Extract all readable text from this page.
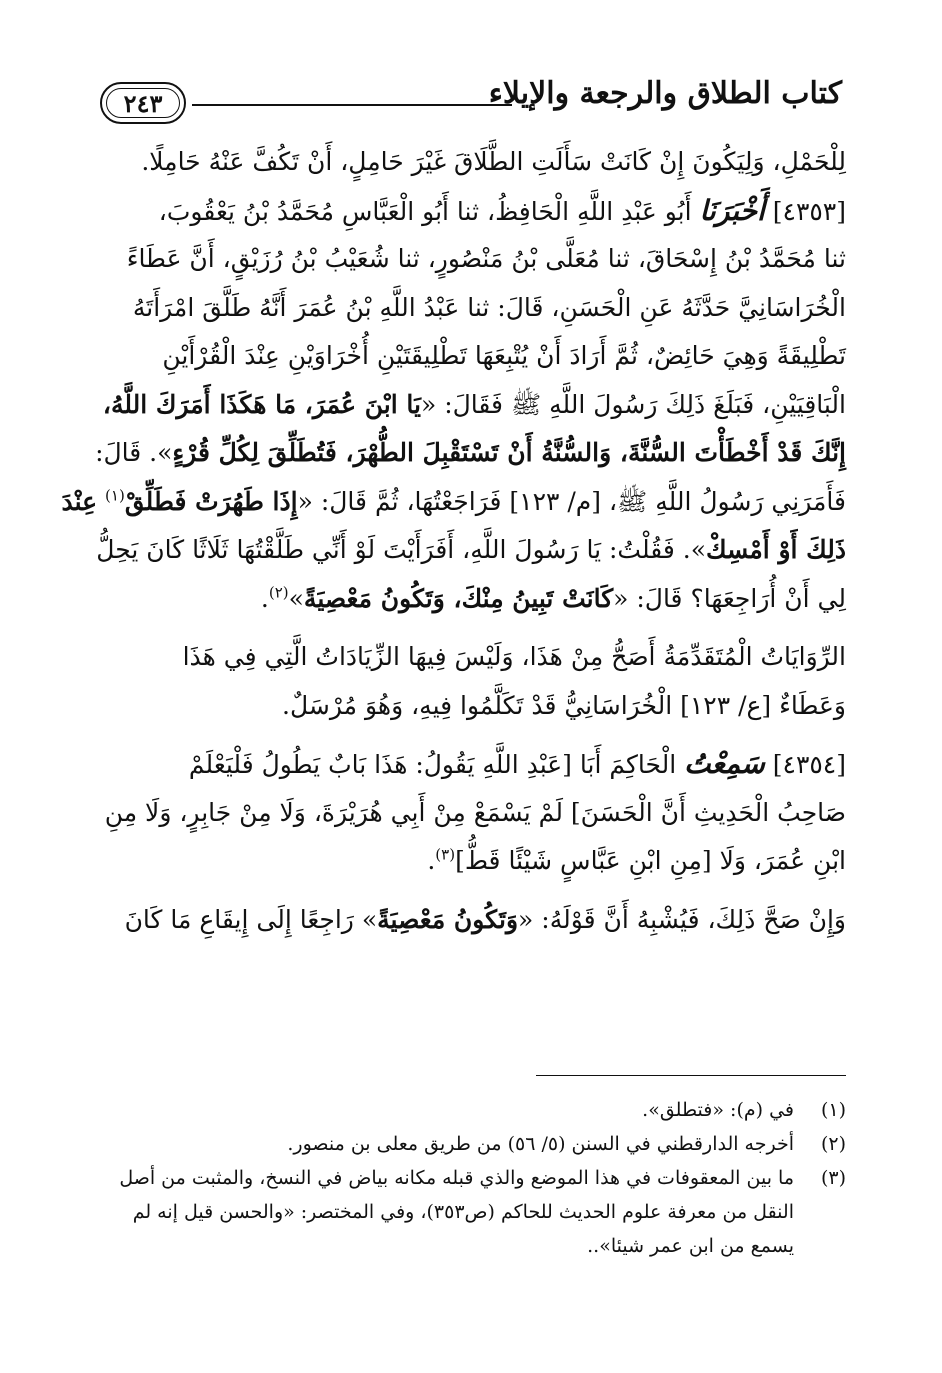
كتاب الطلاق والرجعة والإيلاء
٢٤٣
لِلْحَمْلِ، وَلِيَكُونَ إِنْ كَانَتْ سَأَلَتِ الطَّلَاقَ غَيْرَ حَامِلٍ، أَنْ تَكُفَّ عَنْهُ حَامِلًا.
[٤٣٥٣] أَخْبَرَنَا أَبُو عَبْدِ اللَّهِ الْحَافِظُ، ثنا أَبُو الْعَبَّاسِ مُحَمَّدُ بْنُ يَعْقُوبَ،
ثنا مُحَمَّدُ بْنُ إِسْحَاقَ، ثنا مُعَلَّى بْنُ مَنْصُورٍ، ثنا شُعَيْبُ بْنُ رُزَيْقٍ، أَنَّ عَطَاءً
الْخُرَاسَانِيَّ حَدَّثَهُ عَنِ الْحَسَنِ، قَالَ: ثنا عَبْدُ اللَّهِ بْنُ عُمَرَ أَنَّهُ طَلَّقَ امْرَأَتَهُ
تَطْلِيقَةً وَهِيَ حَائِضٌ، ثُمَّ أَرَادَ أَنْ يُتْبِعَهَا تَطْلِيقَتَيْنِ أُخْرَاوَيْنِ عِنْدَ الْقُرْأَيْنِ
الْبَاقِيَيْنِ، فَبَلَغَ ذَلِكَ رَسُولَ اللَّهِ ﷺ فَقَالَ: «يَا ابْنَ عُمَرَ، مَا هَكَذَا أَمَرَكَ اللَّهُ،
إِنَّكَ قَدْ أَخْطَأْتَ السُّنَّةَ، وَالسُّنَّةُ أَنْ تَسْتَقْبِلَ الطُّهْرَ، فَتُطَلِّقَ لِكُلِّ قُرْءٍ». قَالَ:
فَأَمَرَنِي رَسُولُ اللَّهِ ﷺ، [م/ ١٢٣] فَرَاجَعْتُهَا، ثُمَّ قَالَ: «إِذَا طَهُرَتْ فَطَلِّقْ$^{(١)}$ عِنْدَ
ذَلِكَ أَوْ أَمْسِكْ». فَقُلْتُ: يَا رَسُولَ اللَّهِ، أَفَرَأَيْتَ لَوْ أَنِّي طَلَّقْتُهَا ثَلَاثًا كَانَ يَحِلُّ
لِي أَنْ أُرَاجِعَهَا؟ قَالَ: «كَانَتْ تَبِينُ مِنْكَ، وَتَكُونُ مَعْصِيَةً»$^{(٢)}$.
الرِّوَايَاتُ الْمُتَقَدِّمَةُ أَصَحُّ مِنْ هَذَا، وَلَيْسَ فِيهَا الزِّيَادَاتُ الَّتِي فِي هَذَا
وَعَطَاءٌ [ع/ ١٢٣] الْخُرَاسَانِيُّ قَدْ تَكَلَّمُوا فِيهِ، وَهُوَ مُرْسَلٌ.
[٤٣٥٤] سَمِعْتُ الْحَاكِمَ أَبَا [عَبْدِ اللَّهِ يَقُولُ: هَذَا بَابٌ يَطُولُ فَلْيَعْلَمْ
صَاحِبُ الْحَدِيثِ أَنَّ الْحَسَنَ] لَمْ يَسْمَعْ مِنْ أَبِي هُرَيْرَةَ، وَلَا مِنْ جَابِرٍ، وَلَا مِنِ
ابْنِ عُمَرَ، وَلَا [مِنِ ابْنِ عَبَّاسٍ شَيْئًا قَطُّ]$^{(٣)}$.
وَإِنْ صَحَّ ذَلِكَ، فَيُشْبِهُ أَنَّ قَوْلَهُ: «وَتَكُونُ مَعْصِيَةً» رَاجِعًا إِلَى إِيقَاعِ مَا كَانَ
(١)
في (م): «فتطلق».
(٢)
أخرجه الدارقطني في السنن (٥/ ٥٦) من طريق معلى بن منصور.
(٣)
ما بين المعقوفات في هذا الموضع والذي قبله مكانه بياض في النسخ، والمثبت من أصل
النقل من معرفة علوم الحديث للحاكم (ص٣٥٣)، وفي المختصر: «والحسن قيل إنه لم
يسمع من ابن عمر شيئا»..
